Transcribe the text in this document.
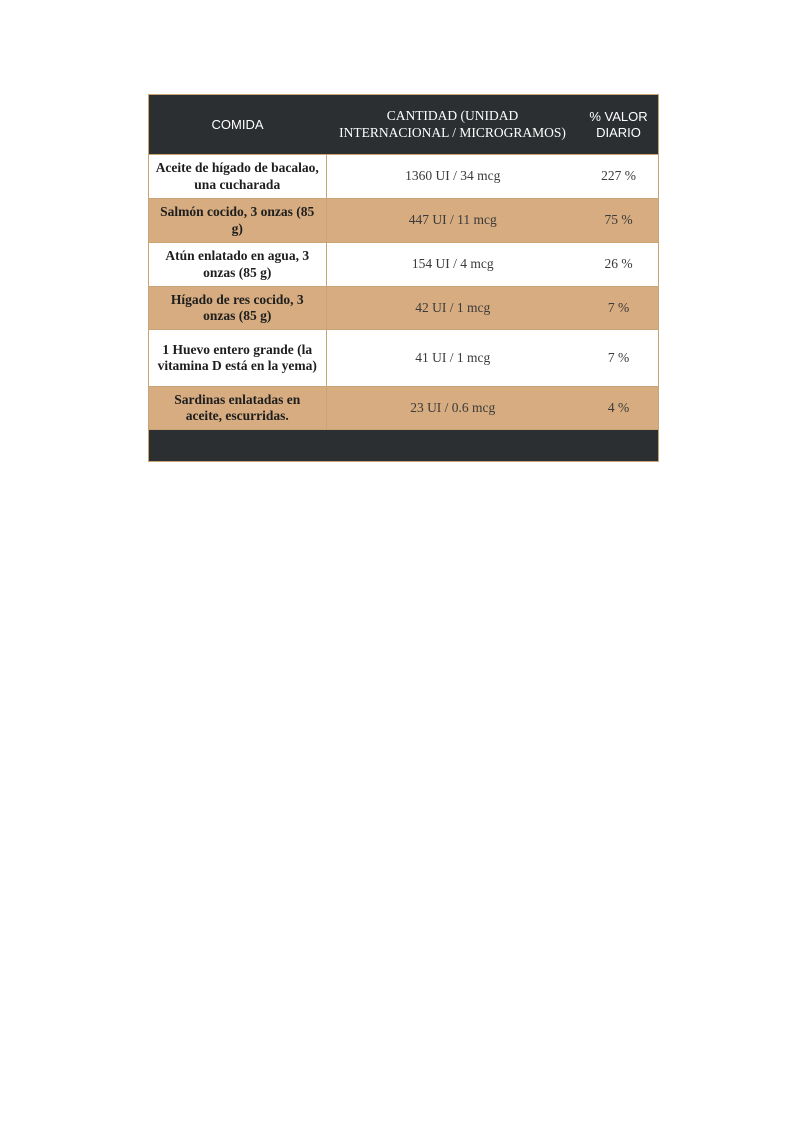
COMIDA	CANTIDAD (UNIDAD INTERNACIONAL / MICROGRAMOS)	% VALOR DIARIO
Aceite de hígado de bacalao, una cucharada	1360 UI / 34 mcg	227 %
Salmón cocido, 3 onzas (85 g)	447 UI / 11 mcg	75 %
Atún enlatado en agua, 3 onzas (85 g)	154 UI / 4 mcg	26 %
Hígado de res cocido, 3 onzas (85 g)	42 UI / 1 mcg	7 %
1 Huevo entero grande (la vitamina D está en la yema)	41 UI / 1 mcg	7 %
Sardinas enlatadas en aceite, escurridas.	23 UI / 0.6 mcg	4 %
